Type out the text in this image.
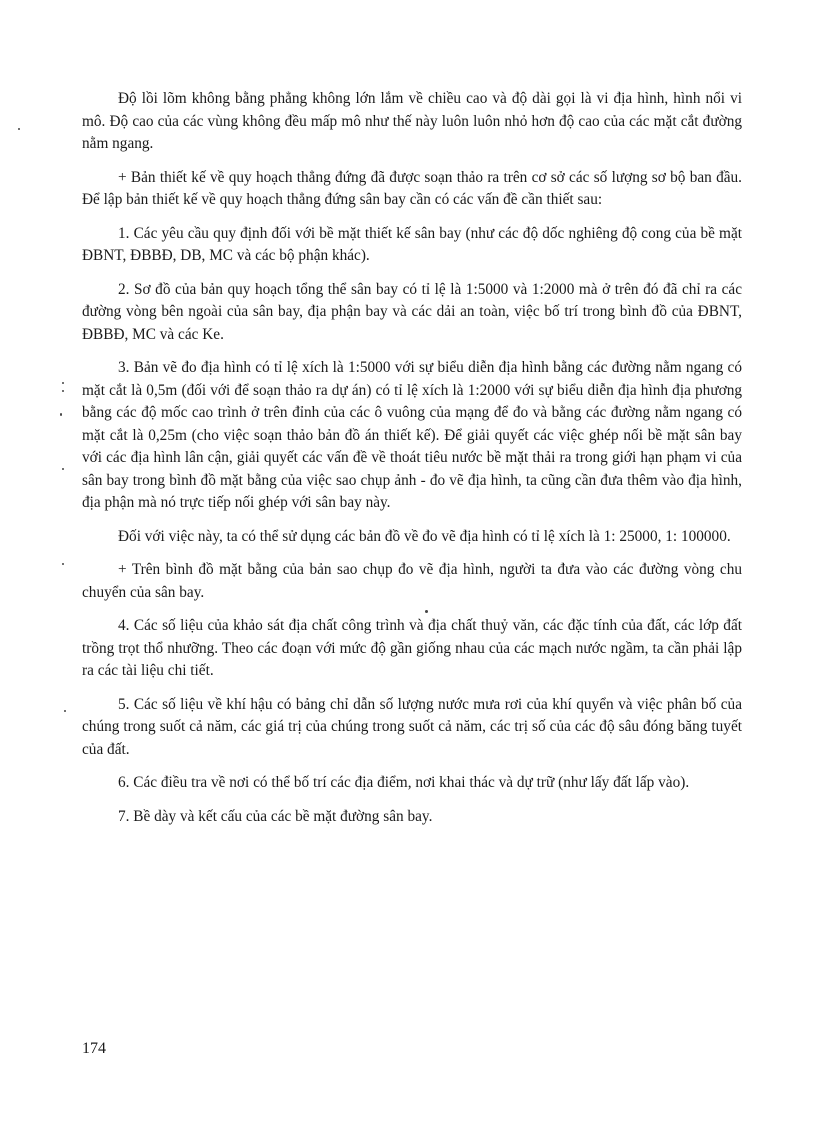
Độ lồi lõm không bằng phẳng không lớn lắm về chiều cao và độ dài gọi là vi địa hình, hình nổi vi mô. Độ cao của các vùng không đều mấp mô như thế này luôn luôn nhỏ hơn độ cao của các mặt cắt đường nằm ngang.

+ Bản thiết kế về quy hoạch thẳng đứng đã được soạn thảo ra trên cơ sở các số lượng sơ bộ ban đầu. Để lập bản thiết kế về quy hoạch thẳng đứng sân bay cần có các vấn đề cần thiết sau:

1. Các yêu cầu quy định đối với bề mặt thiết kế sân bay (như các độ dốc nghiêng độ cong của bề mặt ĐBNT, ĐBBĐ, DB, MC và các bộ phận khác).

2. Sơ đồ của bản quy hoạch tổng thể sân bay có tỉ lệ là 1:5000 và 1:2000 mà ở trên đó đã chỉ ra các đường vòng bên ngoài của sân bay, địa phận bay và các dải an toàn, việc bố trí trong bình đồ của ĐBNT, ĐBBĐ, MC và các Ke.

3. Bản vẽ đo địa hình có tỉ lệ xích là 1:5000 với sự biểu diễn địa hình bằng các đường nằm ngang có mặt cắt là 0,5m (đối với để soạn thảo ra dự án) có tỉ lệ xích là 1:2000 với sự biểu diễn địa hình địa phương bằng các độ mốc cao trình ở trên đỉnh của các ô vuông của mạng để đo và bằng các đường nằm ngang có mặt cắt là 0,25m (cho việc soạn thảo bản đồ án thiết kế). Để giải quyết các việc ghép nối bề mặt sân bay với các địa hình lân cận, giải quyết các vấn đề về thoát tiêu nước bề mặt thải ra trong giới hạn phạm vi của sân bay trong bình đồ mặt bằng của việc sao chụp ảnh - đo vẽ địa hình, ta cũng cần đưa thêm vào địa hình, địa phận mà nó trực tiếp nối ghép với sân bay này.

Đối với việc này, ta có thể sử dụng các bản đồ về đo vẽ địa hình có tỉ lệ xích là 1: 25000, 1: 100000.

+ Trên bình đồ mặt bằng của bản sao chụp đo vẽ địa hình, người ta đưa vào các đường vòng chu chuyển của sân bay.

4. Các số liệu của khảo sát địa chất công trình và địa chất thuỷ văn, các đặc tính của đất, các lớp đất trồng trọt thổ nhưỡng. Theo các đoạn với mức độ gần giống nhau của các mạch nước ngầm, ta cần phải lập ra các tài liệu chi tiết.

5. Các số liệu về khí hậu có bảng chỉ dẫn số lượng nước mưa rơi của khí quyển và việc phân bố của chúng trong suốt cả năm, các giá trị của chúng trong suốt cả năm, các trị số của các độ sâu đóng băng tuyết của đất.

6. Các điều tra về nơi có thể bố trí các địa điểm, nơi khai thác và dự trữ (như lấy đất lấp vào).

7. Bề dày và kết cấu của các bề mặt đường sân bay.

174
